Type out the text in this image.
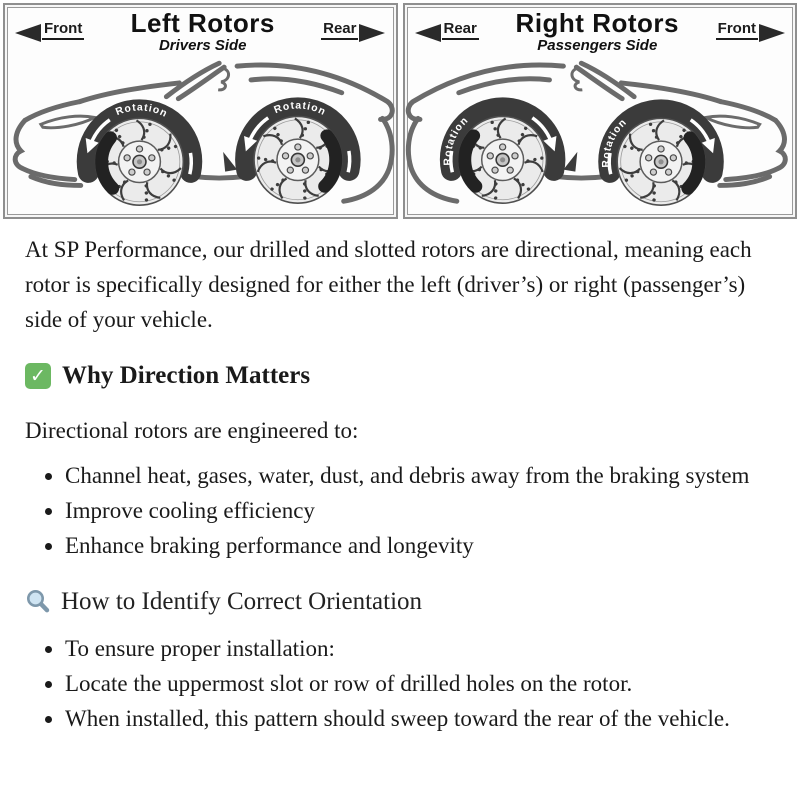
Rotation	Rotation
Front Left Rotors
Drivers Side
Rear
Rotation
Rotation
Rear Right Rotors
Passengers Side
Front

At SP Performance, our drilled and slotted rotors are directional, meaning each rotor is specifically designed for either the left (driver’s) or right (passenger’s) side of your vehicle.

✓ Why Direction Matters

Directional rotors are engineered to:

• Channel heat, gases, water, dust, and debris away from the braking system
• Improve cooling efficiency
• Enhance braking performance and longevity
How to Identify Correct Orientation
• To ensure proper installation:
• Locate the uppermost slot or row of drilled holes on the rotor.
• When installed, this pattern should sweep toward the rear of the vehicle.
